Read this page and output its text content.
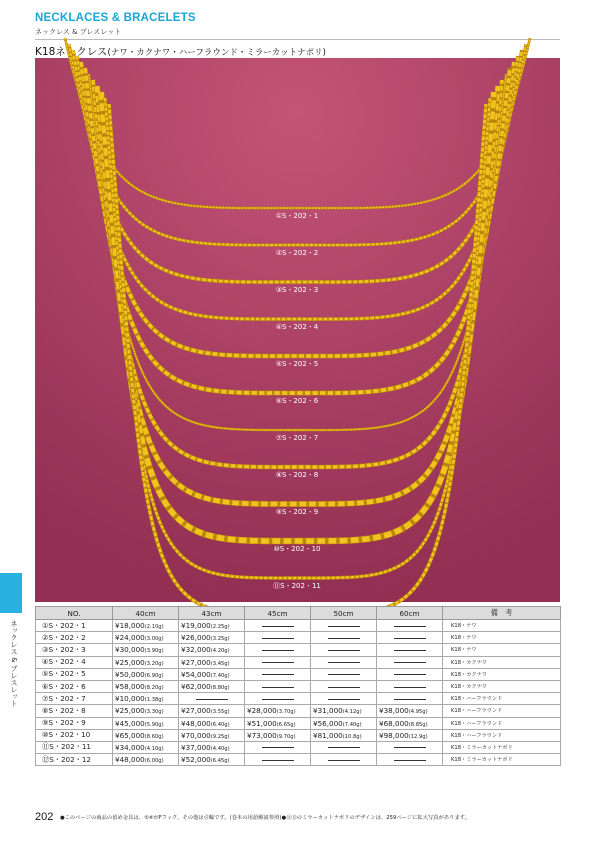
NECKLACES & BRACELETS
ネックレス & ブレスレット
K18ネックレス(ナワ・カクナワ・ハーフラウンド・ミラーカットナポリ)
①S・202・1
②S・202・2
③S・202・3
④S・202・4
⑤S・202・5
⑥S・202・6
⑦S・202・7
⑧S・202・8
⑨S・202・9
⑩S・202・10
⑪S・202・11
⑫S・202・12
ネックレス & ブレスレット
NO.	40cm	43cm	45cm	50cm	60cm	備　考
①S・202・1	¥18,000(2.10g)	¥19,000(2.25g)				K18・ナワ
②S・202・2	¥24,000(3.00g)	¥26,000(3.25g)				K18・ナワ
③S・202・3	¥30,000(3.90g)	¥32,000(4.20g)				K18・ナワ
④S・202・4	¥25,000(3.20g)	¥27,000(3.45g)				K18・カクナワ
⑤S・202・5	¥50,000(6.90g)	¥54,000(7.40g)				K18・カクナワ
⑥S・202・6	¥58,000(8.20g)	¥62,000(8.80g)				K18・カクナワ
⑦S・202・7	¥10,000(1.38g)					K18・ハーフラウンド
⑧S・202・8	¥25,000(3.30g)	¥27,000(3.55g)	¥28,000(3.70g)	¥31,000(4.12g)	¥38,000(4.95g)	K18・ハーフラウンド
⑨S・202・9	¥45,000(5.90g)	¥48,000(6.40g)	¥51,000(6.65g)	¥56,000(7.40g)	¥68,000(8.85g)	K18・ハーフラウンド
⑩S・202・10	¥65,000(8.60g)	¥70,000(9.25g)	¥73,000(9.70g)	¥81,000(10.8g)	¥98,000(12.9g)	K18・ハーフラウンド
⑪S・202・11	¥34,000(4.10g)	¥37,000(4.40g)				K18・ミラーカットナポリ
⑫S・202・12	¥48,000(6.00g)	¥52,000(6.45g)				K18・ミラーカットナポリ
202 ●このページの商品の留め金具は、⑤⑥がFフック、その他は引輪です。(巻末の用語解説参照)●⑪⑫のミラーカットナポリのデザインは、259ページに拡大写真があります。
